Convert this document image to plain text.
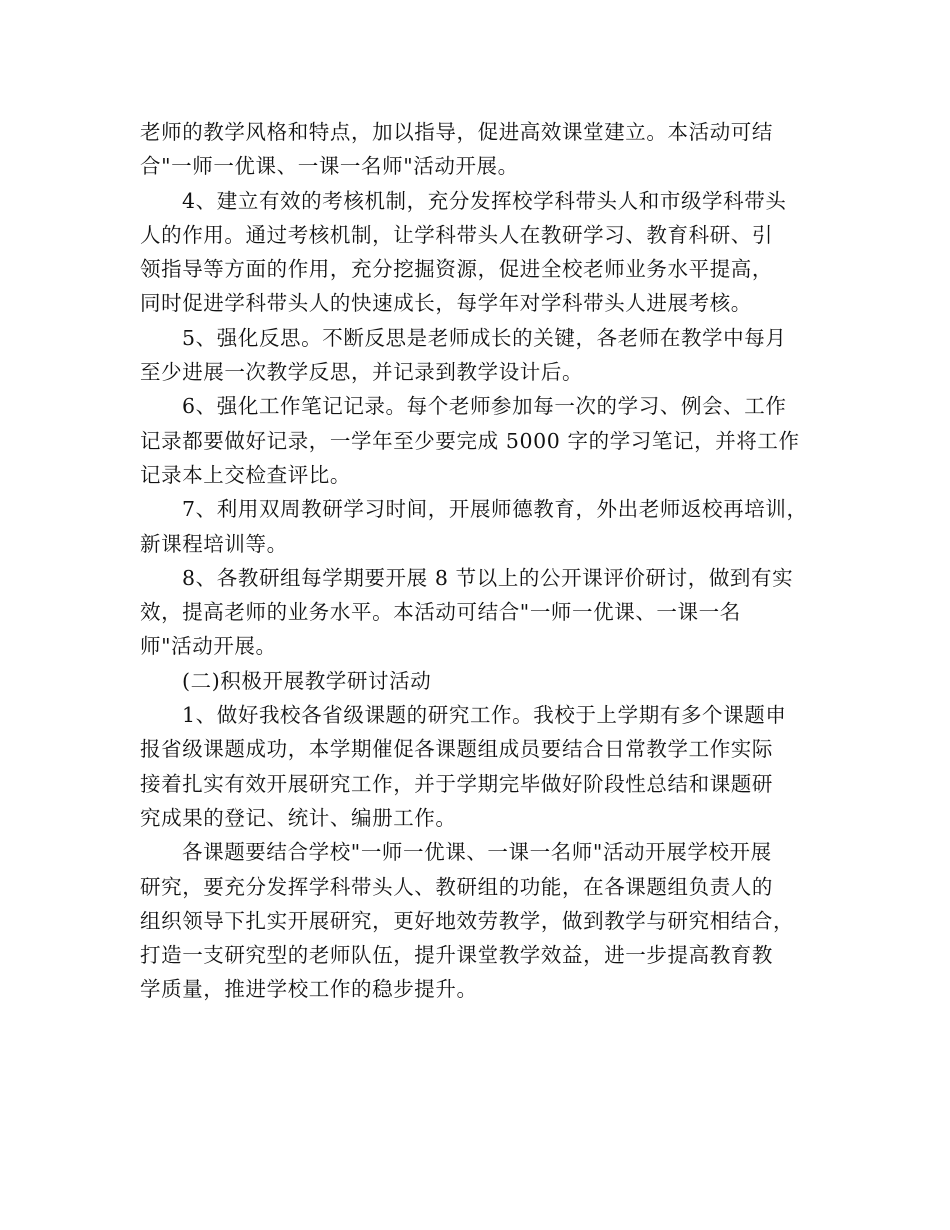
老师的教学风格和特点，加以指导，促进高效课堂建立。本活动可结
合"一师一优课、一课一名师"活动开展。
4、建立有效的考核机制，充分发挥校学科带头人和市级学科带头
人的作用。通过考核机制，让学科带头人在教研学习、教育科研、引
领指导等方面的作用，充分挖掘资源，促进全校老师业务水平提高，
同时促进学科带头人的快速成长，每学年对学科带头人进展考核。
5、强化反思。不断反思是老师成长的关键，各老师在教学中每月
至少进展一次教学反思，并记录到教学设计后。
6、强化工作笔记记录。每个老师参加每一次的学习、例会、工作
记录都要做好记录，一学年至少要完成 5000 字的学习笔记，并将工作
记录本上交检查评比。
7、利用双周教研学习时间，开展师德教育，外出老师返校再培训，
新课程培训等。
8、各教研组每学期要开展 8 节以上的公开课评价研讨，做到有实
效，提高老师的业务水平。本活动可结合"一师一优课、一课一名
师"活动开展。
(二)积极开展教学研讨活动
1、做好我校各省级课题的研究工作。我校于上学期有多个课题申
报省级课题成功，本学期催促各课题组成员要结合日常教学工作实际
接着扎实有效开展研究工作，并于学期完毕做好阶段性总结和课题研
究成果的登记、统计、编册工作。
各课题要结合学校"一师一优课、一课一名师"活动开展学校开展
研究，要充分发挥学科带头人、教研组的功能，在各课题组负责人的
组织领导下扎实开展研究，更好地效劳教学，做到教学与研究相结合，
打造一支研究型的老师队伍，提升课堂教学效益，进一步提高教育教
学质量，推进学校工作的稳步提升。
